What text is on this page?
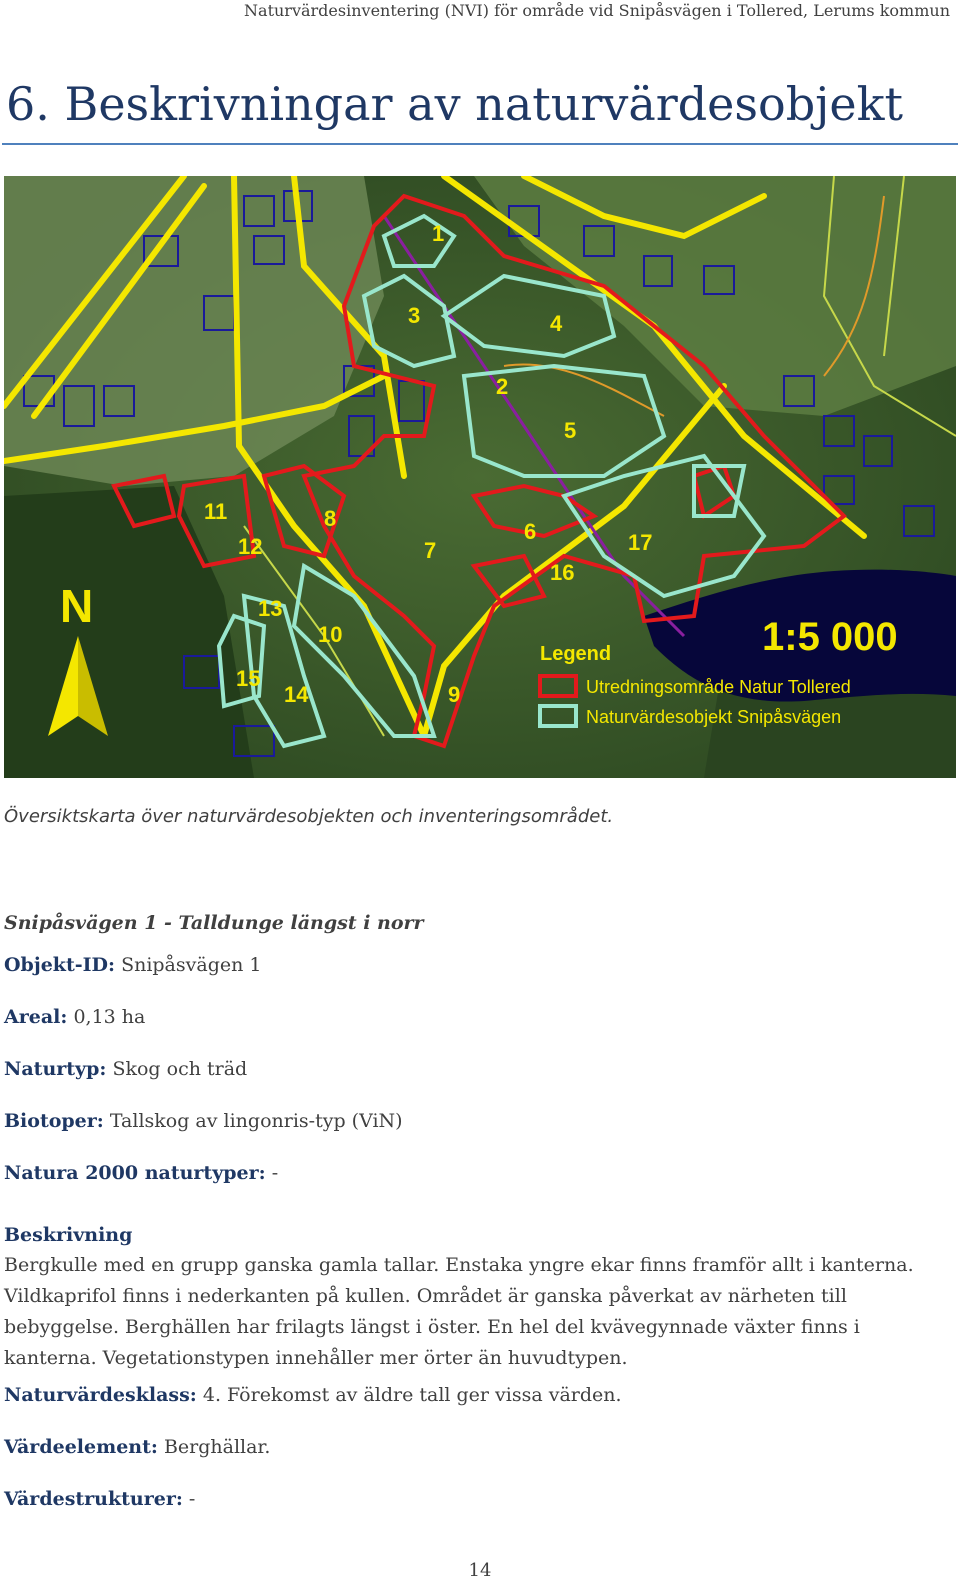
Naturvärdesinventering (NVI) för område vid Snipåsvägen i Tollered, Lerums kommun
6. Beskrivningar av naturvärdesobjekt
1
2
3	4
5
6
7
8
9
10
11
12
13
14
15
16
17
N
1:5 000
Legend
Utredningsområde Natur Tollered
Naturvärdesobjekt Snipåsvägen

Översiktskarta över naturvärdesobjekten och inventeringsområdet.

Snipåsvägen 1 - Talldunge längst i norr

Objekt-ID: Snipåsvägen 1

Areal: 0,13 ha

Naturtyp: Skog och träd

Biotoper: Tallskog av lingonris-typ (ViN)

Natura 2000 naturtyper: -

Beskrivning

Bergkulle med en grupp ganska gamla tallar. Enstaka yngre ekar finns framför allt i kanterna. Vildkaprifol finns i nederkanten på kullen. Området är ganska påverkat av närheten till bebyggelse. Berghällen har frilagts längst i öster. En hel del kvävegynnade växter finns i kanterna. Vegetationstypen innehåller mer örter än huvudtypen.

Naturvärdesklass: 4. Förekomst av äldre tall ger vissa värden.

Värdeelement: Berghällar.

Värdestrukturer: -

14
